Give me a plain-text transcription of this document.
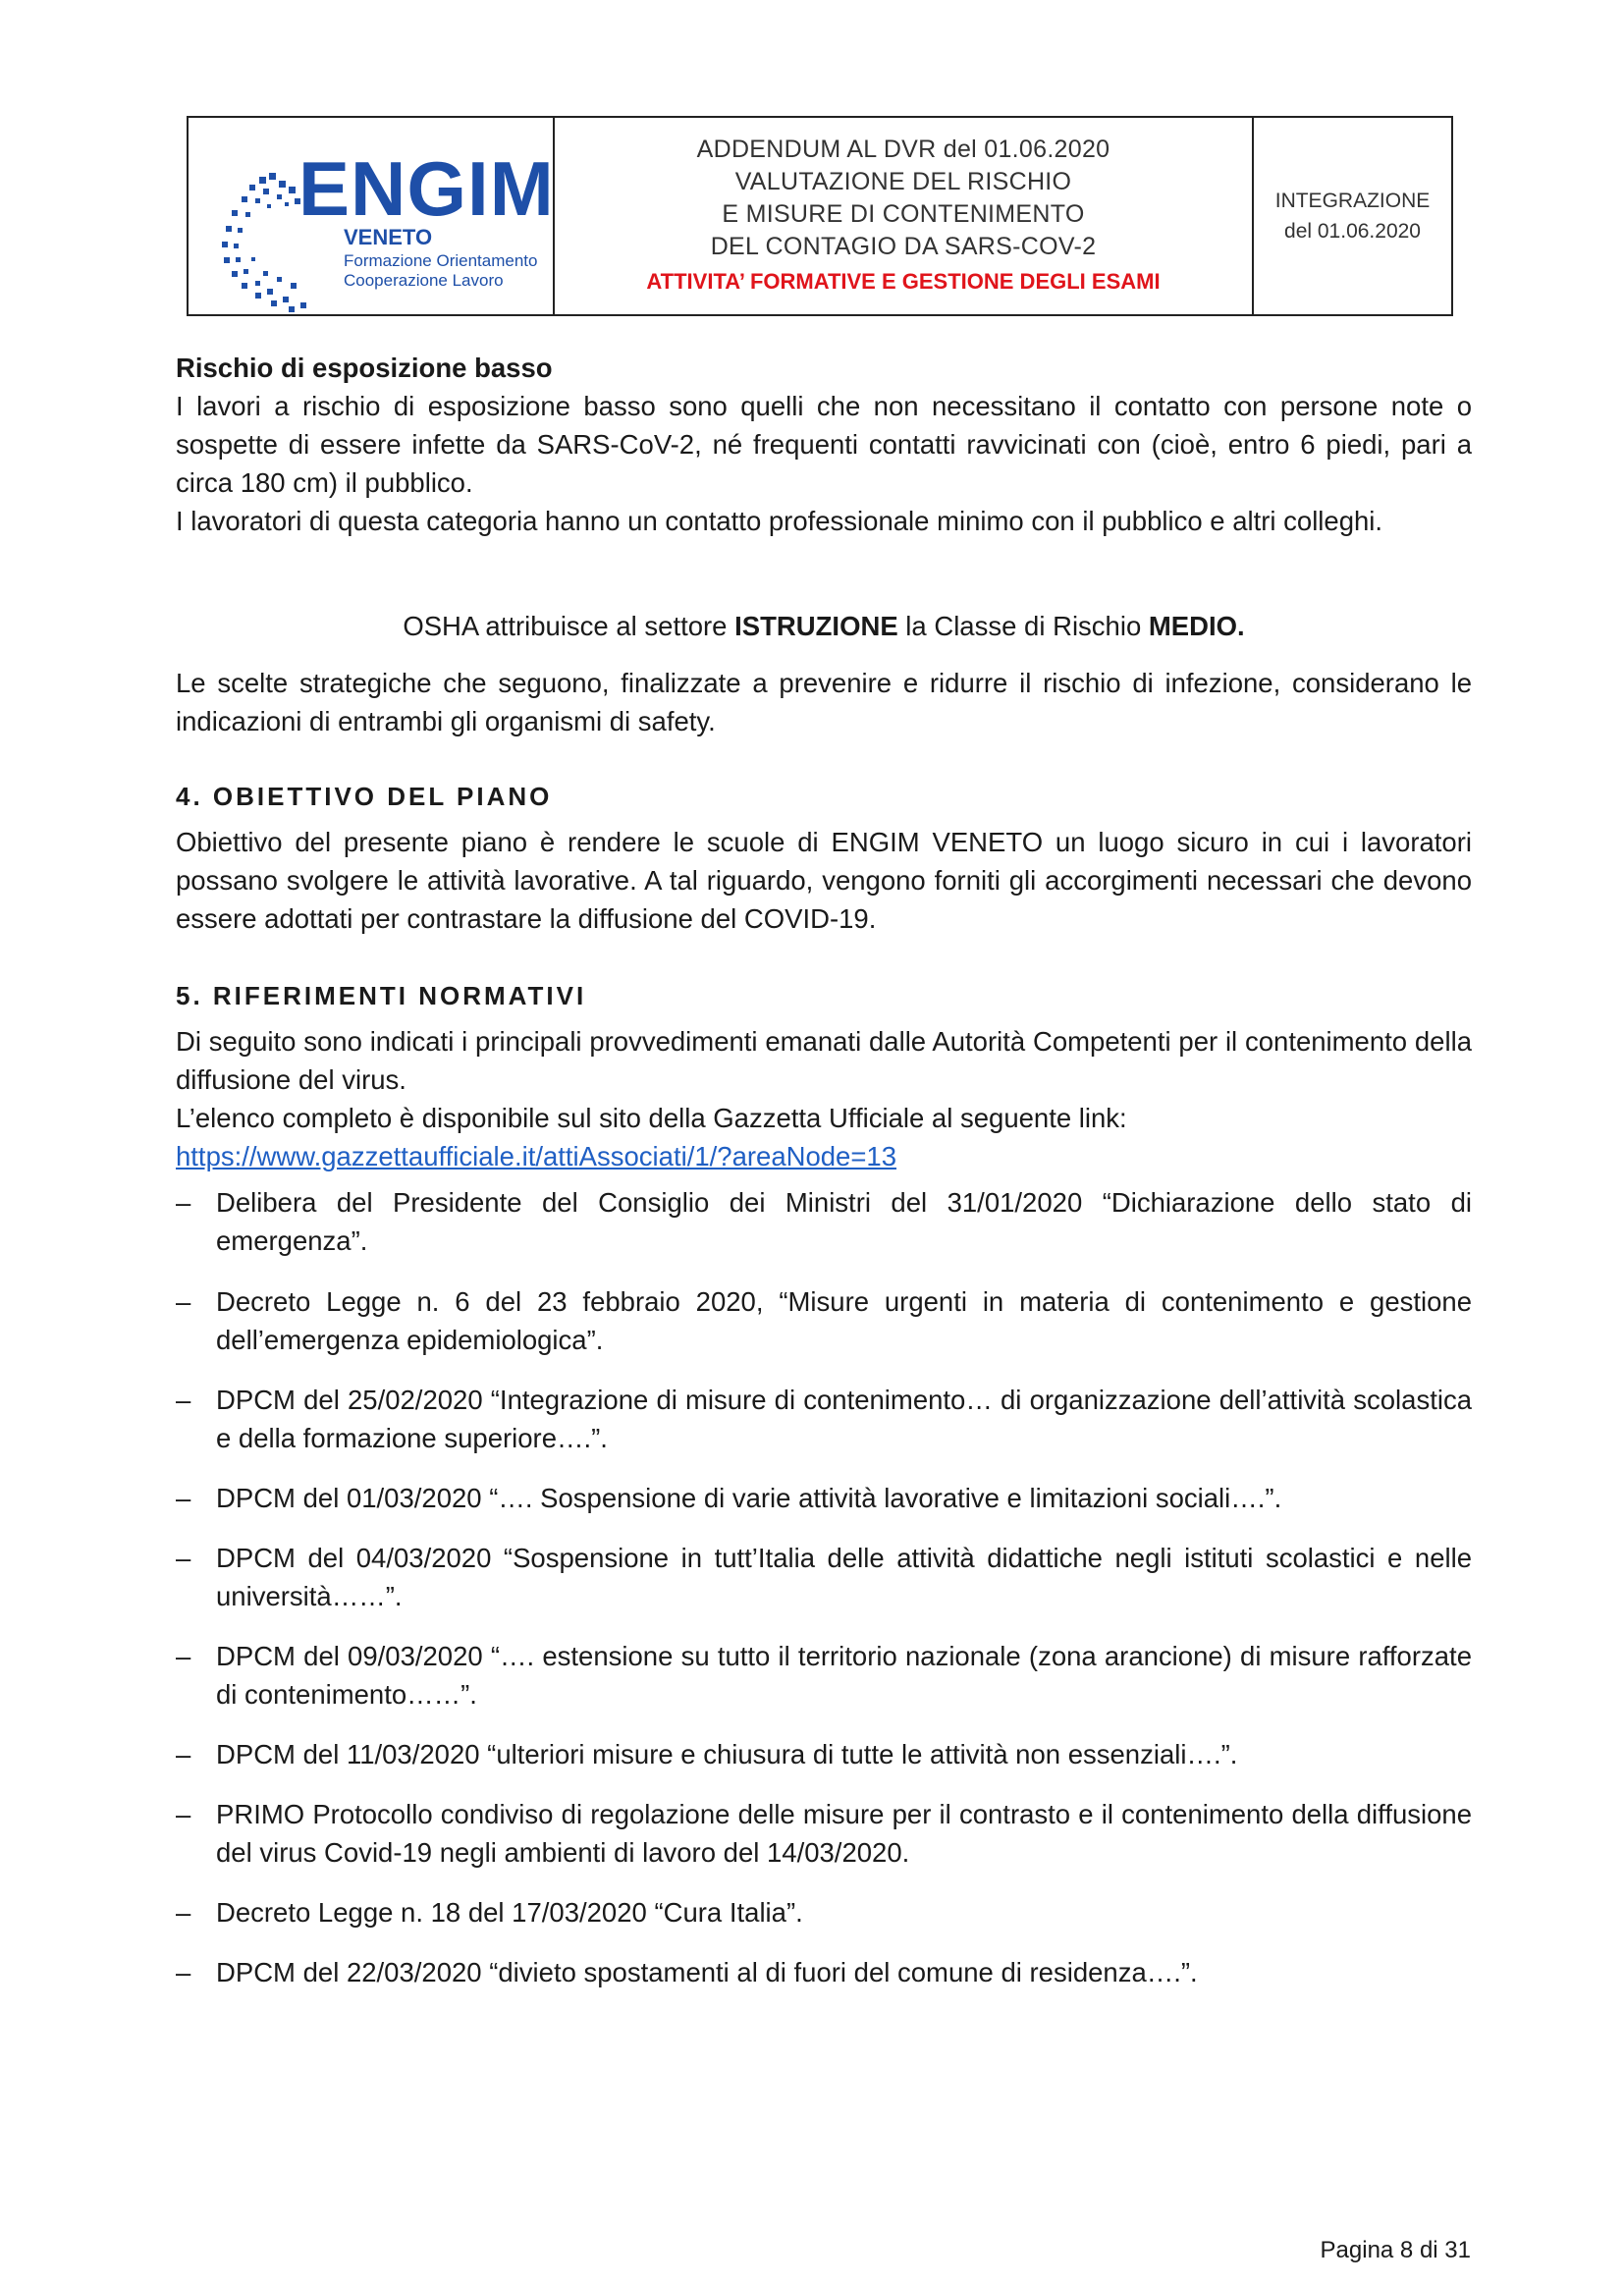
ENGIM
VENETO
Formazione Orientamento
Cooperazione Lavoro
ADDENDUM AL DVR del 01.06.2020
VALUTAZIONE DEL RISCHIO
E MISURE DI CONTENIMENTO
DEL CONTAGIO DA SARS-COV-2
ATTIVITA’ FORMATIVE E GESTIONE DEGLI ESAMI
INTEGRAZIONE
del 01.06.2020
Rischio di esposizione basso
I lavori a rischio di esposizione basso sono quelli che non necessitano il contatto con persone note o sospette di essere infette da SARS-CoV-2, né frequenti contatti ravvicinati con (cioè, entro 6 piedi, pari a circa 180 cm) il pubblico.
I lavoratori di questa categoria hanno un contatto professionale minimo con il pubblico e altri colleghi.
OSHA attribuisce al settore ISTRUZIONE la Classe di Rischio MEDIO.
Le scelte strategiche che seguono, finalizzate a prevenire e ridurre il rischio di infezione, considerano le indicazioni di entrambi gli organismi di safety.
4. OBIETTIVO DEL PIANO
Obiettivo del presente piano è rendere le scuole di ENGIM VENETO un luogo sicuro in cui i lavoratori possano svolgere le attività lavorative. A tal riguardo, vengono forniti gli accorgimenti necessari che devono essere adottati per contrastare la diffusione del COVID-19.
5. RIFERIMENTI NORMATIVI
Di seguito sono indicati i principali provvedimenti emanati dalle Autorità Competenti per il contenimento della diffusione del virus.
L’elenco completo è disponibile sul sito della Gazzetta Ufficiale al seguente link:
https://www.gazzettaufficiale.it/attiAssociati/1/?areaNode=13
– Delibera del Presidente del Consiglio dei Ministri del 31/01/2020 “Dichiarazione dello stato di emergenza”.
– Decreto Legge n. 6 del 23 febbraio 2020, “Misure urgenti in materia di contenimento e gestione dell’emergenza epidemiologica”.
– DPCM del 25/02/2020 “Integrazione di misure di contenimento… di organizzazione dell’attività scolastica e della formazione superiore….”.
– DPCM del 01/03/2020 “…. Sospensione di varie attività lavorative e limitazioni sociali….”.
– DPCM del 04/03/2020 “Sospensione in tutt’Italia delle attività didattiche negli istituti scolastici e nelle università……”.
– DPCM del 09/03/2020 “…. estensione su tutto il territorio nazionale (zona arancione) di misure rafforzate di contenimento……”.
– DPCM del 11/03/2020 “ulteriori misure e chiusura di tutte le attività non essenziali….”.
– PRIMO Protocollo condiviso di regolazione delle misure per il contrasto e il contenimento della diffusione del virus Covid-19 negli ambienti di lavoro del 14/03/2020.
– Decreto Legge n. 18 del 17/03/2020 “Cura Italia”.
– DPCM del 22/03/2020 “divieto spostamenti al di fuori del comune di residenza….”.
Pagina 8 di 31
